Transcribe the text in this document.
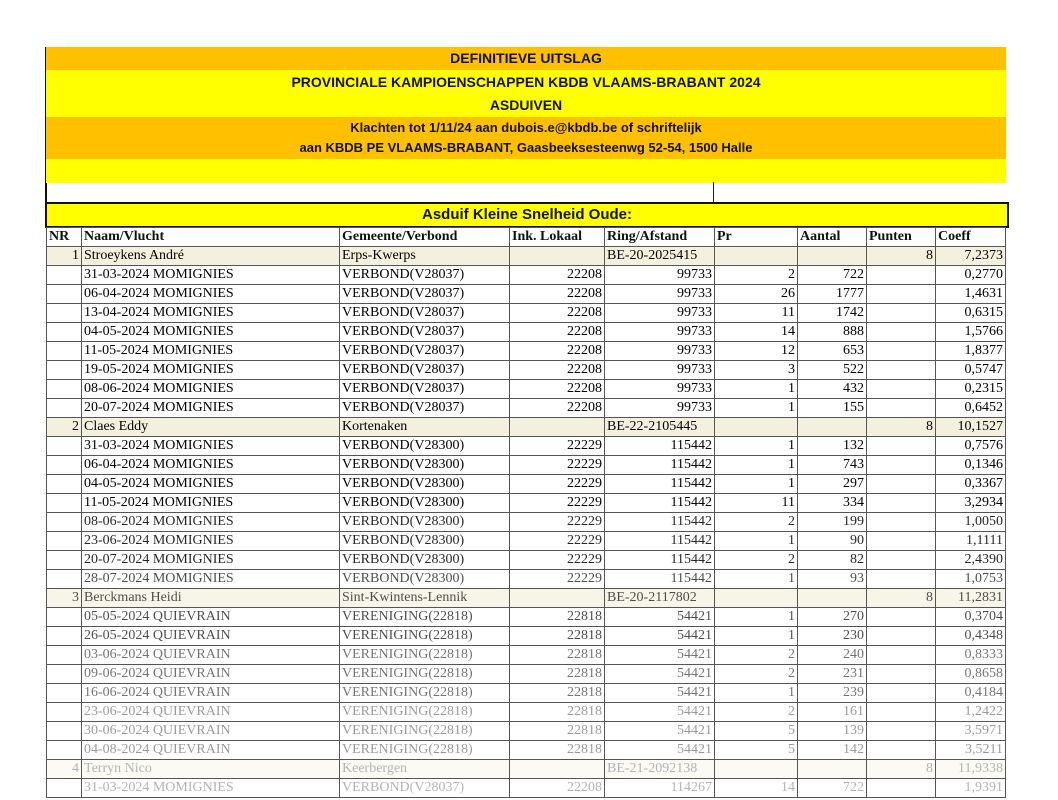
DEFINITIEVE UITSLAG
PROVINCIALE KAMPIOENSCHAPPEN KBDB VLAAMS-BRABANT 2024
ASDUIVEN
Klachten tot 1/11/24 aan dubois.e@kbdb.be of schriftelijk
aan KBDB PE VLAAMS-BRABANT, Gaasbeeksesteenwg 52-54, 1500 Halle
Asduif Kleine Snelheid Oude:
NR	Naam/Vlucht	Gemeente/Verbond	Ink. Lokaal	Ring/Afstand	Pr	Aantal	Punten	Coeff
1	Stroeykens André	Erps-Kwerps		BE-20-2025415			8	7,2373
	31-03-2024 MOMIGNIES	VERBOND(V28037)	22208	99733	2	722		0,2770
	06-04-2024 MOMIGNIES	VERBOND(V28037)	22208	99733	26	1777		1,4631
	13-04-2024 MOMIGNIES	VERBOND(V28037)	22208	99733	11	1742		0,6315
	04-05-2024 MOMIGNIES	VERBOND(V28037)	22208	99733	14	888		1,5766
	11-05-2024 MOMIGNIES	VERBOND(V28037)	22208	99733	12	653		1,8377
	19-05-2024 MOMIGNIES	VERBOND(V28037)	22208	99733	3	522		0,5747
	08-06-2024 MOMIGNIES	VERBOND(V28037)	22208	99733	1	432		0,2315
	20-07-2024 MOMIGNIES	VERBOND(V28037)	22208	99733	1	155		0,6452
2	Claes Eddy	Kortenaken		BE-22-2105445			8	10,1527
	31-03-2024 MOMIGNIES	VERBOND(V28300)	22229	115442	1	132		0,7576
	06-04-2024 MOMIGNIES	VERBOND(V28300)	22229	115442	1	743		0,1346
	04-05-2024 MOMIGNIES	VERBOND(V28300)	22229	115442	1	297		0,3367
	11-05-2024 MOMIGNIES	VERBOND(V28300)	22229	115442	11	334		3,2934
	08-06-2024 MOMIGNIES	VERBOND(V28300)	22229	115442	2	199		1,0050
	23-06-2024 MOMIGNIES	VERBOND(V28300)	22229	115442	1	90		1,1111
	20-07-2024 MOMIGNIES	VERBOND(V28300)	22229	115442	2	82		2,4390
	28-07-2024 MOMIGNIES	VERBOND(V28300)	22229	115442	1	93		1,0753
3	Berckmans Heidi	Sint-Kwintens-Lennik		BE-20-2117802			8	11,2831
	05-05-2024 QUIEVRAIN	VERENIGING(22818)	22818	54421	1	270		0,3704
	26-05-2024 QUIEVRAIN	VERENIGING(22818)	22818	54421	1	230		0,4348
	03-06-2024 QUIEVRAIN	VERENIGING(22818)	22818	54421	2	240		0,8333
	09-06-2024 QUIEVRAIN	VERENIGING(22818)	22818	54421	2	231		0,8658
	16-06-2024 QUIEVRAIN	VERENIGING(22818)	22818	54421	1	239		0,4184
	23-06-2024 QUIEVRAIN	VERENIGING(22818)	22818	54421	2	161		1,2422
	30-06-2024 QUIEVRAIN	VERENIGING(22818)	22818	54421	5	139		3,5971
	04-08-2024 QUIEVRAIN	VERENIGING(22818)	22818	54421	5	142		3,5211
4	Terryn Nico	Keerbergen		BE-21-2092138			8	11,9338
	31-03-2024 MOMIGNIES	VERBOND(V28037)	22208	114267	14	722		1,9391
